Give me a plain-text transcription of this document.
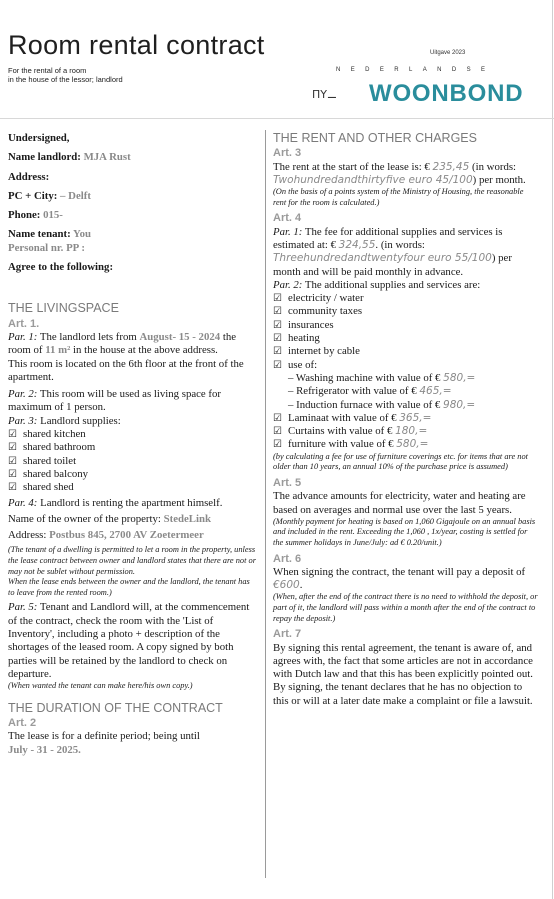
Room rental contract
For the rental of a room
in the house of the lessor; landlord
Uitgave 2023
NEDERLANDSE
ΠΥ⚊ WOONBOND

Undersigned,

Name landlord: MJA Rust

Address:

PC + City: – Delft

Phone: 015-

Name tenant: You

Personal nr. PP :

Agree to the following:

THE LIVINGSPACE
Art. 1.

Par. 1: The landlord lets from August- 15 - 2024 the room of 11 m² in the house at the above address.

This room is located on the 6th floor at the front of the apartment.

Par. 2: This room will be used as living space for maximum of 1 person.

Par. 3: Landlord supplies:

☑ shared kitchen
☑ shared bathroom
☑ shared toilet
☑ shared balcony
☑ shared shed

Par. 4: Landlord is renting the apartment himself.

Name of the owner of the property: StedeLink

Address: Postbus 845, 2700 AV Zoetermeer

(The tenant of a dwelling is permitted to let a room in the property, unless the lease contract between owner and landlord states that there are not or may not be sublet without permission.

When the lease ends between the owner and the landlord, the tenant has to leave from the rented room.)

Par. 5: Tenant and Landlord will, at the commencement of the contract, check the room with the 'List of Inventory', including a photo + description of the shortages of the leased room. A copy signed by both parties will be retained by the landlord to check on departure.

(When wanted the tenant can make here/his own copy.)

THE DURATION OF THE CONTRACT
Art. 2

The lease is for a definite period; being until

July - 31 - 2025.

THE RENT AND OTHER CHARGES
Art. 3

The rent at the start of the lease is: € 235,45 (in words: Twohundredandthirtyfive euro 45/100) per month.

(On the basis of a points system of the Ministry of Housing, the reasonable rent for the room is calculated.)

Art. 4

Par. 1: The fee for additional supplies and services is estimated at: € 324,55. (in words: Threehundredandtwentyfour euro 55/100) per month and will be paid monthly in advance.

Par. 2: The additional supplies and services are:

☑ electricity / water
☑ community taxes
☑ insurances
☑ heating
☑ internet by cable
☑ use of:

– Washing machine with value of € 580,=

– Refrigerator with value of € 465,=

– Induction furnace with value of € 980,=

☑ Laminaat with value of €
365,=
☑ Curtains with value of €
180,=
☑ furniture with value of €
580,=

(by calculating a fee for use of furniture coverings etc. for items that are not older than 10 years, an annual 10% of the purchase price is assumed)

Art. 5

The advance amounts for electricity, water and heating are based on averages and normal use over the last 5 years.

(Monthly payment for heating is based on 1,060 Gigajoule on an annual basis and included in the rent. Exceeding the 1,060 , 1x/year, costing is settled for the summer holidays in June/July: ad € 0.20/unit.)

Art. 6

When signing the contract, the tenant will pay a deposit of €600.

(When, after the end of the contract there is no need to withhold the deposit, or part of it, the landlord will pass within a month after the end of the contract to repay the deposit.)

Art. 7

By signing this rental agreement, the tenant is aware of, and agrees with, the fact that some articles are not in accordance with Dutch law and that this has been explicitly pointed out. By signing, the tenant declares that he has no objection to this or will at a later date make a complaint or file a lawsuit.
